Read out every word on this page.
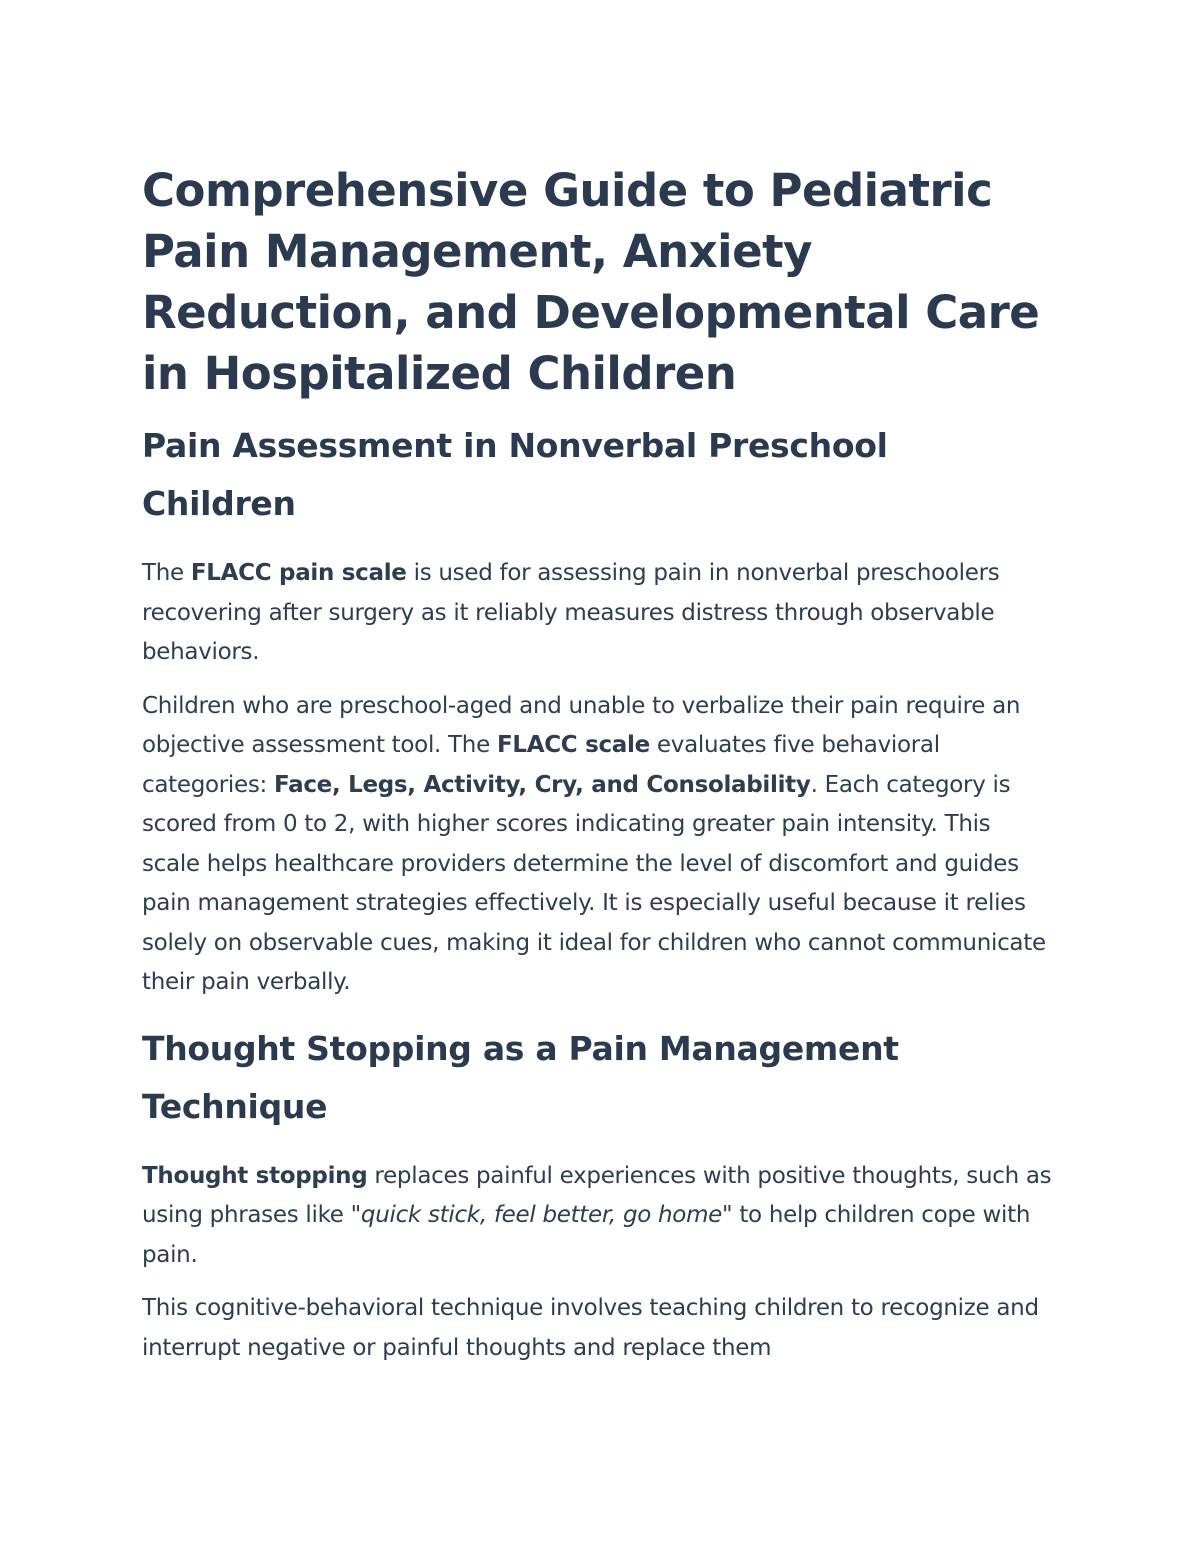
Comprehensive Guide to Pediatric Pain Management, Anxiety Reduction, and Developmental Care in Hospitalized Children
Pain Assessment in Nonverbal Preschool Children

The FLACC pain scale is used for assessing pain in nonverbal preschoolers recovering after surgery as it reliably measures distress through observable behaviors.

Children who are preschool-aged and unable to verbalize their pain require an objective assessment tool. The FLACC scale evaluates five behavioral categories: Face, Legs, Activity, Cry, and Consolability. Each category is scored from 0 to 2, with higher scores indicating greater pain intensity. This scale helps healthcare providers determine the level of discomfort and guides pain management strategies effectively. It is especially useful because it relies solely on observable cues, making it ideal for children who cannot communicate their pain verbally.

Thought Stopping as a Pain Management Technique

Thought stopping replaces painful experiences with positive thoughts, such as using phrases like "quick stick, feel better, go home" to help children cope with pain.

This cognitive-behavioral technique involves teaching children to recognize and interrupt negative or painful thoughts and replace them
